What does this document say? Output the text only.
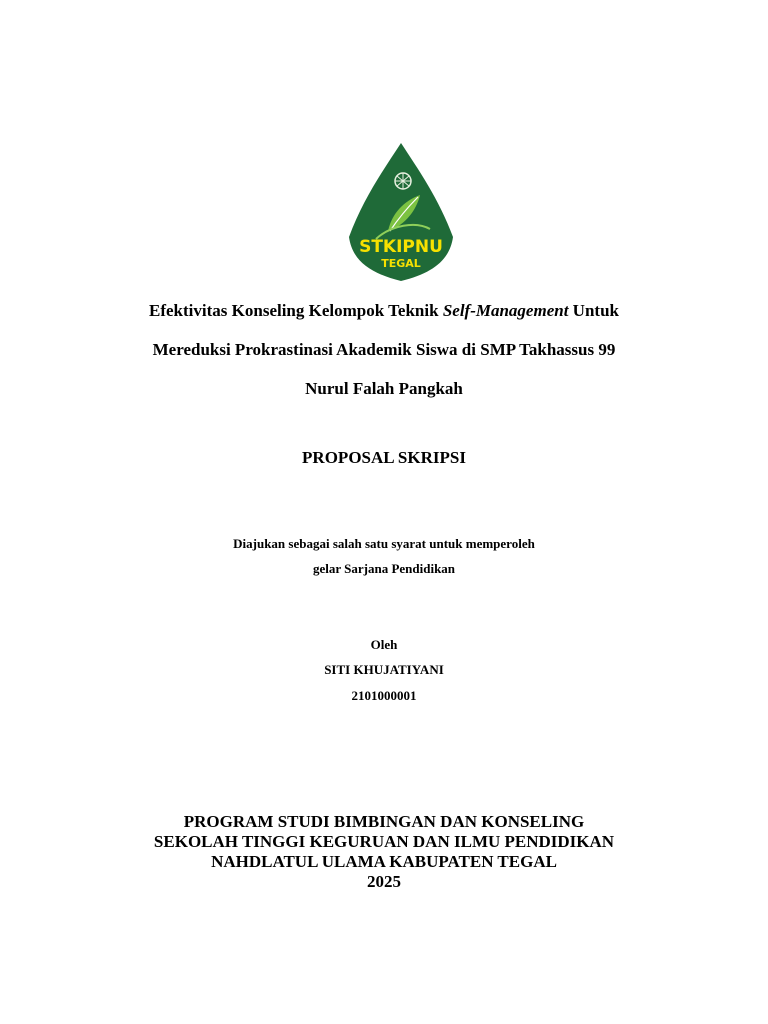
STKIPNU
TEGAL
Efektivitas Konseling Kelompok Teknik Self-Management Untuk
Mereduksi Prokrastinasi Akademik Siswa di SMP Takhassus 99
Nurul Falah Pangkah
PROPOSAL SKRIPSI
Diajukan sebagai salah satu syarat untuk memperoleh
gelar Sarjana Pendidikan
Oleh
SITI KHUJATIYANI
2101000001
PROGRAM STUDI BIMBINGAN DAN KONSELING
SEKOLAH TINGGI KEGURUAN DAN ILMU PENDIDIKAN
NAHDLATUL ULAMA KABUPATEN TEGAL
2025
